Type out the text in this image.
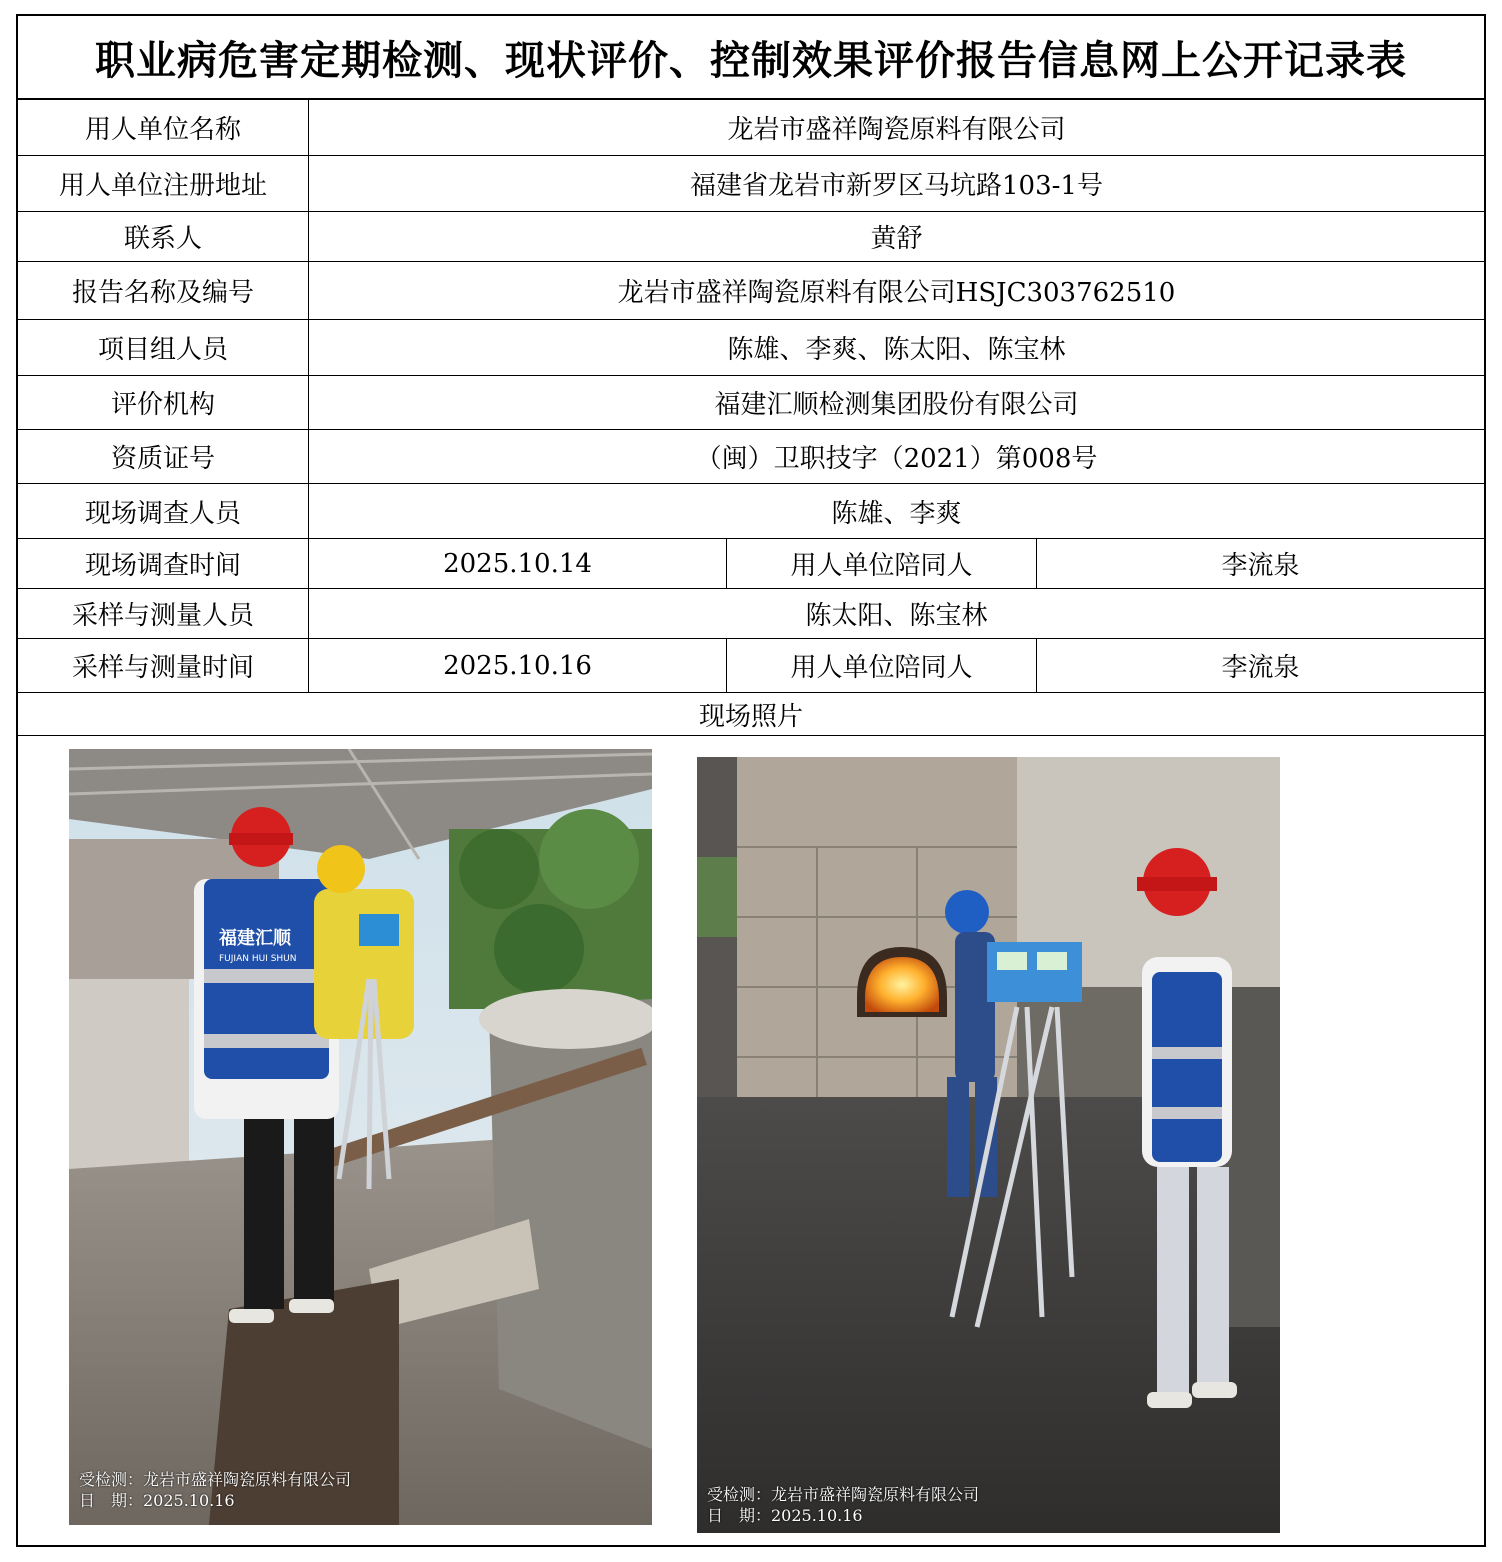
职业病危害定期检测、现状评价、控制效果评价报告信息网上公开记录表
用人单位名称	龙岩市盛祥陶瓷原料有限公司
用人单位注册地址	福建省龙岩市新罗区马坑路103-1号
联系人	黄舒
报告名称及编号	龙岩市盛祥陶瓷原料有限公司HSJC303762510
项目组人员	陈雄、李爽、陈太阳、陈宝林
评价机构	福建汇顺检测集团股份有限公司
资质证号	（闽）卫职技字（2021）第008号
现场调查人员	陈雄、李爽
现场调查时间	2025.10.14	用人单位陪同人	李流泉
采样与测量人员	陈太阳、陈宝林
采样与测量时间	2025.10.16	用人单位陪同人	李流泉
现场照片
福建汇顺
FUJIAN HUI SHUN
受检测：龙岩市盛祥陶瓷原料有限公司
日　期：2025.10.16	受检测：龙岩市盛祥陶瓷原料有限公司
日　期：2025.10.16
